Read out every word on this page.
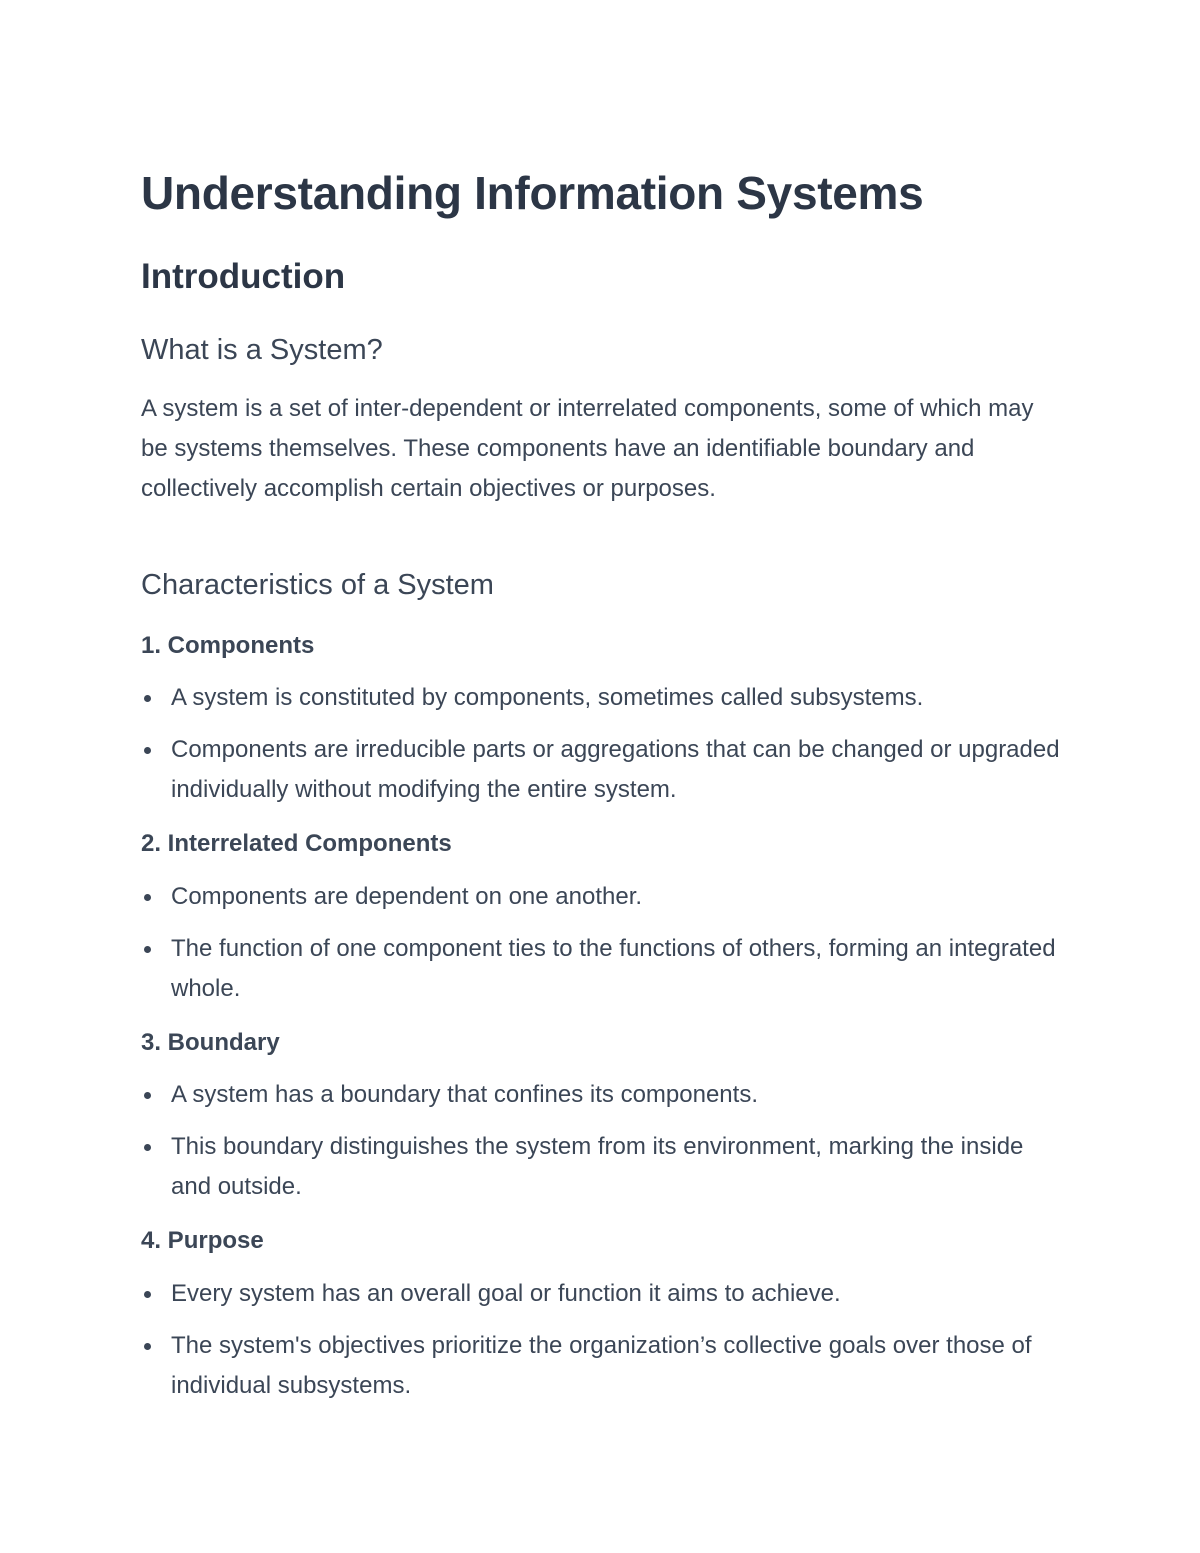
Understanding Information Systems
Introduction
What is a System?

A system is a set of inter-dependent or interrelated components, some of which may be systems themselves. These components have an identifiable boundary and collectively accomplish certain objectives or purposes.

Characteristics of a System
1. Components
A system is constituted by components, sometimes called subsystems.
Components are irreducible parts or aggregations that can be changed or upgraded individually without modifying the entire system.
2. Interrelated Components
Components are dependent on one another.
The function of one component ties to the functions of others, forming an integrated whole.
3. Boundary
A system has a boundary that confines its components.
This boundary distinguishes the system from its environment, marking the inside and outside.
4. Purpose
Every system has an overall goal or function it aims to achieve.
The system's objectives prioritize the organization’s collective goals over those of individual subsystems.
